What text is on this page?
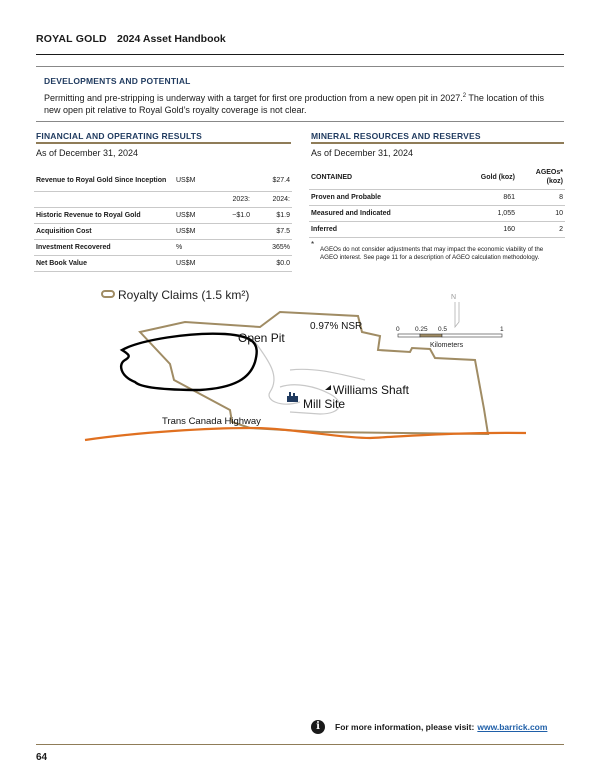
ROYAL GOLD 2024 Asset Handbook
DEVELOPMENTS AND POTENTIAL
Permitting and pre-stripping is underway with a target for first ore production from a new open pit in 2027.$^2$ The location of this new open pit relative to Royal Gold’s royalty coverage is not clear.
FINANCIAL AND OPERATING RESULTS
As of December 31, 2024
Revenue to Royal Gold Since Inception	US$M		$27.4
		2023:	2024:
Historic Revenue to Royal Gold	US$M	~$1.0	$1.9
Acquisition Cost	US$M		$7.5
Investment Recovered	%		365%
Net Book Value	US$M		$0.0
MINERAL RESOURCES AND RESERVES
As of December 31, 2024
CONTAINED	Gold (koz)	AGEOs* (koz)
Proven and Probable	861	8
Measured and Indicated	1,055	10
Inferred	160	2
*
AGEOs do not consider adjustments that may impact the economic viability of the AGEO interest. See page 11 for a description of AGEO calculation methodology.
Royalty Claims (1.5 km²)
Open Pit
0.97% NSR
Williams Shaft
Mill Site
Trans Canada Highway
N
0 0.25 0.5	1
Kilometers
i	For more information, please visit: www.barrick.com
64
